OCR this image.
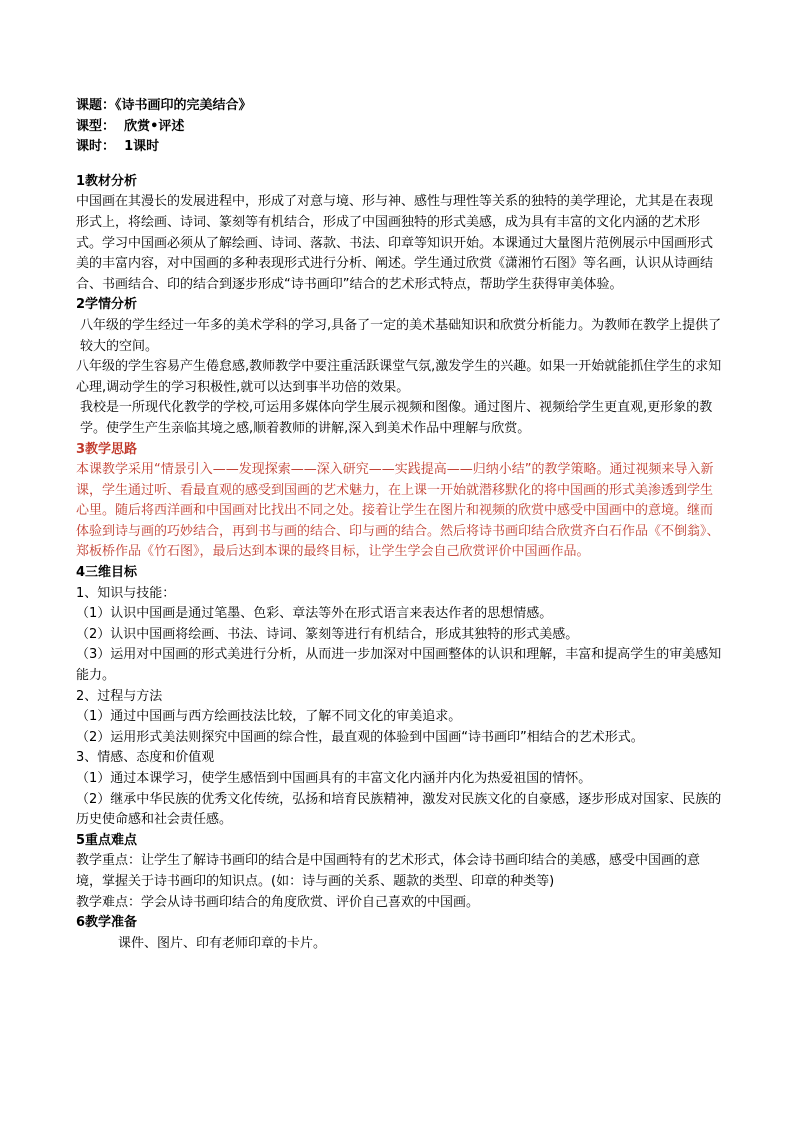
课题：《诗书画印的完美结合》
课型： 欣赏•评述
课时： 1课时
1教材分析
中国画在其漫长的发展进程中，形成了对意与境、形与神、感性与理性等关系的独特的美学理论，尤其是在表现形式上，将绘画、诗词、篆刻等有机结合，形成了中国画独特的形式美感，成为具有丰富的文化内涵的艺术形式。学习中国画必须从了解绘画、诗词、落款、书法、印章等知识开始。本课通过大量图片范例展示中国画形式美的丰富内容，对中国画的多种表现形式进行分析、阐述。学生通过欣赏《潇湘竹石图》等名画，认识从诗画结合、书画结合、印的结合到逐步形成“诗书画印”结合的艺术形式特点，帮助学生获得审美体验。
2学情分析
八年级的学生经过一年多的美术学科的学习,具备了一定的美术基础知识和欣赏分析能力。为教师在教学上提供了较大的空间。
八年级的学生容易产生倦怠感,教师教学中要注重活跃课堂气氛,激发学生的兴趣。如果一开始就能抓住学生的求知心理,调动学生的学习积极性,就可以达到事半功倍的效果。
我校是一所现代化教学的学校,可运用多媒体向学生展示视频和图像。通过图片、视频给学生更直观,更形象的教学。使学生产生亲临其境之感,顺着教师的讲解,深入到美术作品中理解与欣赏。
3教学思路
本课教学采用“情景引入——发现探索——深入研究——实践提高——归纳小结”的教学策略。通过视频来导入新课，学生通过听、看最直观的感受到国画的艺术魅力，在上课一开始就潜移默化的将中国画的形式美渗透到学生心里。随后将西洋画和中国画对比找出不同之处。接着让学生在图片和视频的欣赏中感受中国画中的意境。继而体验到诗与画的巧妙结合，再到书与画的结合、印与画的结合。然后将诗书画印结合欣赏齐白石作品《不倒翁》、郑板桥作品《竹石图》，最后达到本课的最终目标，让学生学会自己欣赏评价中国画作品。
4三维目标
1、知识与技能：
（1）认识中国画是通过笔墨、色彩、章法等外在形式语言来表达作者的思想情感。
（2）认识中国画将绘画、书法、诗词、篆刻等进行有机结合，形成其独特的形式美感。
（3）运用对中国画的形式美进行分析，从而进一步加深对中国画整体的认识和理解，丰富和提高学生的审美感知能力。
2、过程与方法
（1）通过中国画与西方绘画技法比较，了解不同文化的审美追求。
（2）运用形式美法则探究中国画的综合性，最直观的体验到中国画“诗书画印”相结合的艺术形式。
3、情感、态度和价值观
（1）通过本课学习，使学生感悟到中国画具有的丰富文化内涵并内化为热爱祖国的情怀。
（2）继承中华民族的优秀文化传统，弘扬和培育民族精神，激发对民族文化的自豪感，逐步形成对国家、民族的历史使命感和社会责任感。
5重点难点
教学重点：让学生了解诗书画印的结合是中国画特有的艺术形式，体会诗书画印结合的美感，感受中国画的意境，掌握关于诗书画印的知识点。(如：诗与画的关系、题款的类型、印章的种类等)
教学难点：学会从诗书画印结合的角度欣赏、评价自己喜欢的中国画。
6教学准备
课件、图片、印有老师印章的卡片。
